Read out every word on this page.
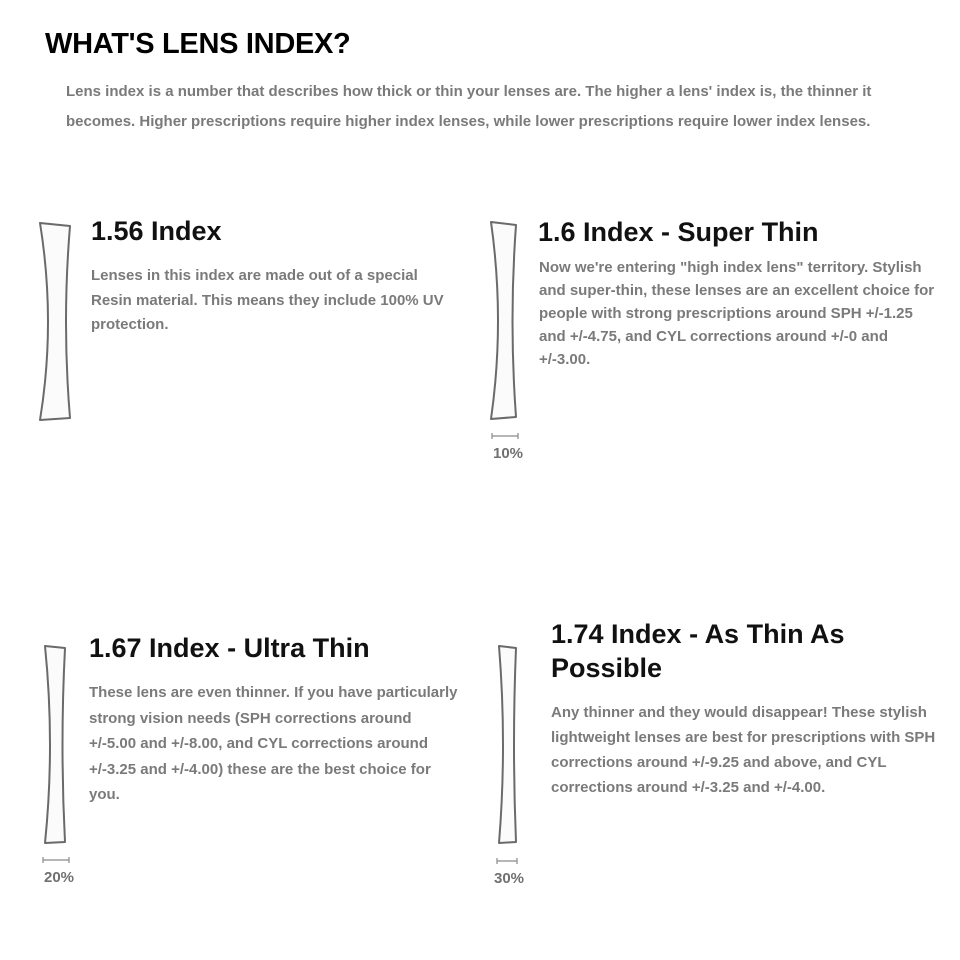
WHAT'S LENS INDEX?

Lens index is a number that describes how thick or thin your lenses are. The higher a lens' index is, the thinner it becomes. Higher prescriptions require higher index lenses, while lower prescriptions require lower index lenses.

1.56 Index

Lenses in this index are made out of a special Resin material. This means they include 100% UV protection.

10%
1.6 Index - Super Thin

Now we're entering "high index lens" territory. Stylish and super-thin, these lenses are an excellent choice for people with strong prescriptions around SPH +/-1.25 and +/-4.75, and CYL corrections around +/-0 and +/-3.00.

20%
1.67 Index - Ultra Thin

These lens are even thinner. If you have particularly strong vision needs (SPH corrections around +/-5.00 and +/-8.00, and CYL corrections around +/-3.25 and +/-4.00) these are the best choice for you.

30%
1.74 Index - As Thin As Possible

Any thinner and they would disappear! These stylish lightweight lenses are best for prescriptions with SPH corrections around +/-9.25 and above, and CYL corrections around +/-3.25 and +/-4.00.
